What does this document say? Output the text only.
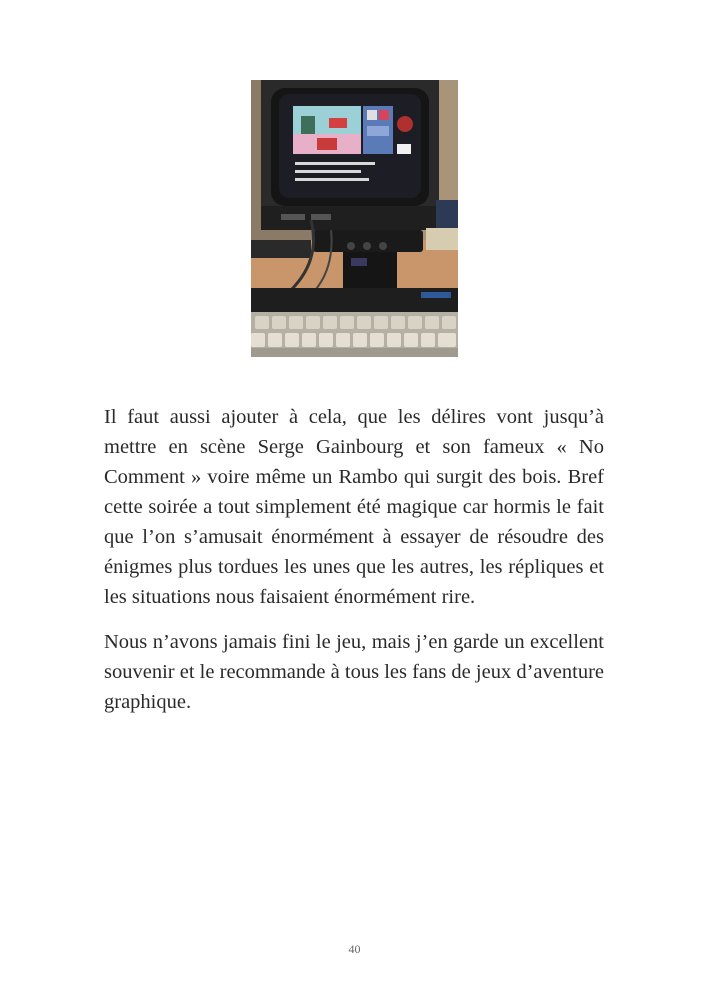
Il faut aussi ajouter à cela, que les délires vont jusqu’à mettre en scène Serge Gainbourg et son fameux « No Comment » voire même un Rambo qui surgit des bois. Bref cette soirée a tout simplement été magique car hormis le fait que l’on s’amusait énormément à essayer de résoudre des énigmes plus tordues les unes que les autres, les répliques et les situations nous faisaient énormément rire.

Nous n’avons jamais fini le jeu, mais j’en garde un excellent souvenir et le recommande à tous les fans de jeux d’aventure graphique.

40
